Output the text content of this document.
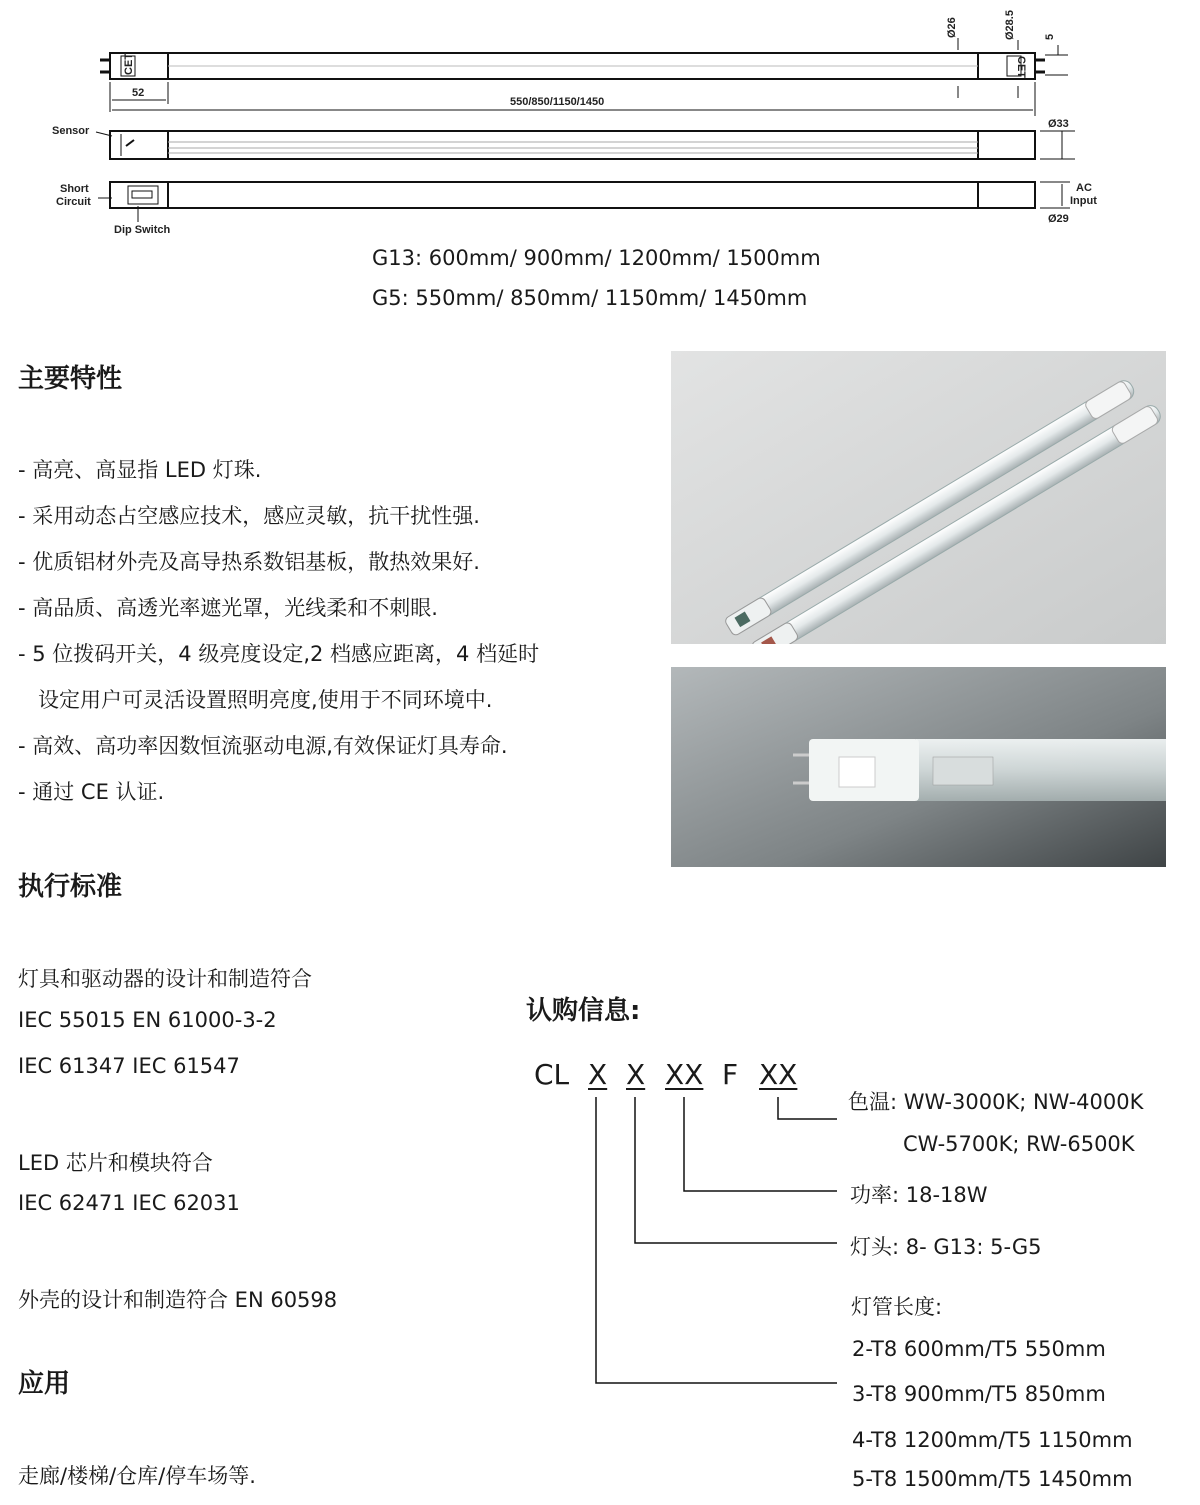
CET	CET
Ø26	Ø28.5	5
52
550/850/1150/1450
Sensor
Ø33
Short
Circuit
Dip Switch
AC
Input
Ø29
G13: 600mm/ 900mm/ 1200mm/ 1500mm
G5: 550mm/ 850mm/ 1150mm/ 1450mm
主要特性
- 高亮、高显指 LED 灯珠.
- 采用动态占空感应技术，感应灵敏，抗干扰性强.
- 优质铝材外壳及高导热系数铝基板，散热效果好.
- 高品质、高透光率遮光罩，光线柔和不刺眼.
- 5 位拨码开关，4 级亮度设定,2 档感应距离，4 档延时
设定用户可灵活设置照明亮度,使用于不同环境中.
- 高效、高功率因数恒流驱动电源,有效保证灯具寿命.
- 通过 CE 认证.
执行标准
灯具和驱动器的设计和制造符合
IEC 55015 EN 61000-3-2
IEC 61347 IEC 61547
LED 芯片和模块符合
IEC 62471 IEC 62031
外壳的设计和制造符合 EN 60598
应用
走廊/楼梯/仓库/停车场等.
认购信息:
CL X X XX F XX
色温: WW-3000K; NW-4000K
CW-5700K; RW-6500K
功率: 18-18W
灯头: 8- G13: 5-G5
灯管长度:
2-T8 600mm/T5 550mm
3-T8 900mm/T5 850mm
4-T8 1200mm/T5 1150mm
5-T8 1500mm/T5 1450mm
